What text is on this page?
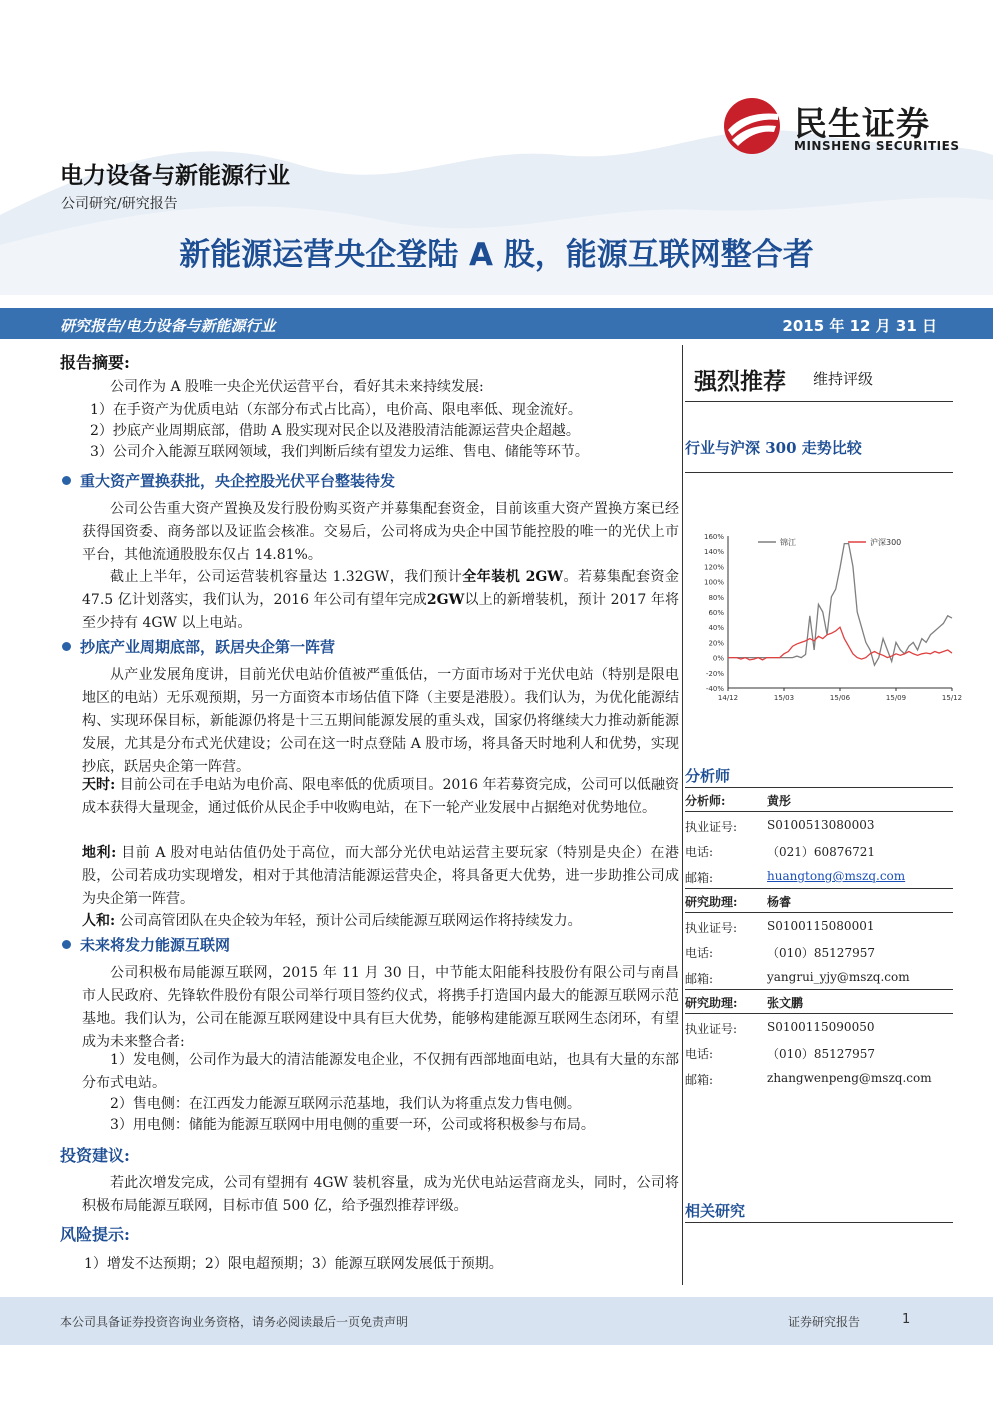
民生证券
MINSHENG SECURITIES
电力设备与新能源行业
公司研究/研究报告
新能源运营央企登陆 A 股，能源互联网整合者
研究报告/电力设备与新能源行业	2015 年 12 月 31 日
报告摘要:
公司作为 A 股唯一央企光伏运营平台，看好其未来持续发展:
1）在手资产为优质电站（东部分布式占比高），电价高、限电率低、现金流好。
2）抄底产业周期底部，借助 A 股实现对民企以及港股清洁能源运营央企超越。
3）公司介入能源互联网领域，我们判断后续有望发力运维、售电、储能等环节。
重大资产置换获批，央企控股光伏平台整装待发
公司公告重大资产置换及发行股份购买资产并募集配套资金，目前该重大资产置换方案已经获得国资委、商务部以及证监会核准。交易后，公司将成为央企中国节能控股的唯一的光伏上市平台，其他流通股股东仅占 14.81%。
截止上半年，公司运营装机容量达 1.32GW，我们预计全年装机 2GW。若募集配套资金 47.5 亿计划落实，我们认为，2016 年公司有望年完成2GW以上的新增装机，预计 2017 年将至少持有 4GW 以上电站。
抄底产业周期底部，跃居央企第一阵营
从产业发展角度讲，目前光伏电站价值被严重低估，一方面市场对于光伏电站（特别是限电地区的电站）无乐观预期，另一方面资本市场估值下降（主要是港股）。我们认为，为优化能源结构、实现环保目标，新能源仍将是十三五期间能源发展的重头戏，国家仍将继续大力推动新能源发展，尤其是分布式光伏建设；公司在这一时点登陆 A 股市场，将具备天时地利人和优势，实现抄底，跃居央企第一阵营。
天时: 目前公司在手电站为电价高、限电率低的优质项目。2016 年若募资完成，公司可以低融资成本获得大量现金，通过低价从民企手中收购电站，在下一轮产业发展中占据绝对优势地位。
地利: 目前 A 股对电站估值仍处于高位，而大部分光伏电站运营主要玩家（特别是央企）在港股，公司若成功实现增发，相对于其他清洁能源运营央企，将具备更大优势，进一步助推公司成为央企第一阵营。
人和: 公司高管团队在央企较为年轻，预计公司后续能源互联网运作将持续发力。
未来将发力能源互联网
公司积极布局能源互联网，2015 年 11 月 30 日，中节能太阳能科技股份有限公司与南昌市人民政府、先锋软件股份有限公司举行项目签约仪式，将携手打造国内最大的能源互联网示范基地。我们认为，公司在能源互联网建设中具有巨大优势，能够构建能源互联网生态闭环，有望成为未来整合者:
1）发电侧，公司作为最大的清洁能源发电企业，不仅拥有西部地面电站，也具有大量的东部分布式电站。
2）售电侧：在江西发力能源互联网示范基地，我们认为将重点发力售电侧。
3）用电侧：储能为能源互联网中用电侧的重要一环，公司或将积极参与布局。
投资建议:
若此次增发完成，公司有望拥有 4GW 装机容量，成为光伏电站运营商龙头，同时，公司将积极布局能源互联网，目标市值 500 亿，给予强烈推荐评级。
风险提示:
1）增发不达预期；2）限电超预期；3）能源互联网发展低于预期。
强烈推荐 维持评级
行业与沪深 300 走势比较
160%
140%
120%
100%
80%
60%
40%
20%
0%
-20%
-40%
14/12	15/03	15/06	15/09	15/12
锦江	沪深300
分析师
分析师:	黄彤
执业证号: S0100513080003
电话:	（021）60876721
邮箱:	huangtong@mszq.com
研究助理: 杨睿
执业证号: S0100115080001
电话:	（010）85127957
邮箱:	yangrui_yjy@mszq.com
研究助理: 张文鹏
执业证号: S0100115090050
电话:	（010）85127957
邮箱:	zhangwenpeng@mszq.com
相关研究
本公司具备证券投资咨询业务资格，请务必阅读最后一页免责声明	证券研究报告	1
